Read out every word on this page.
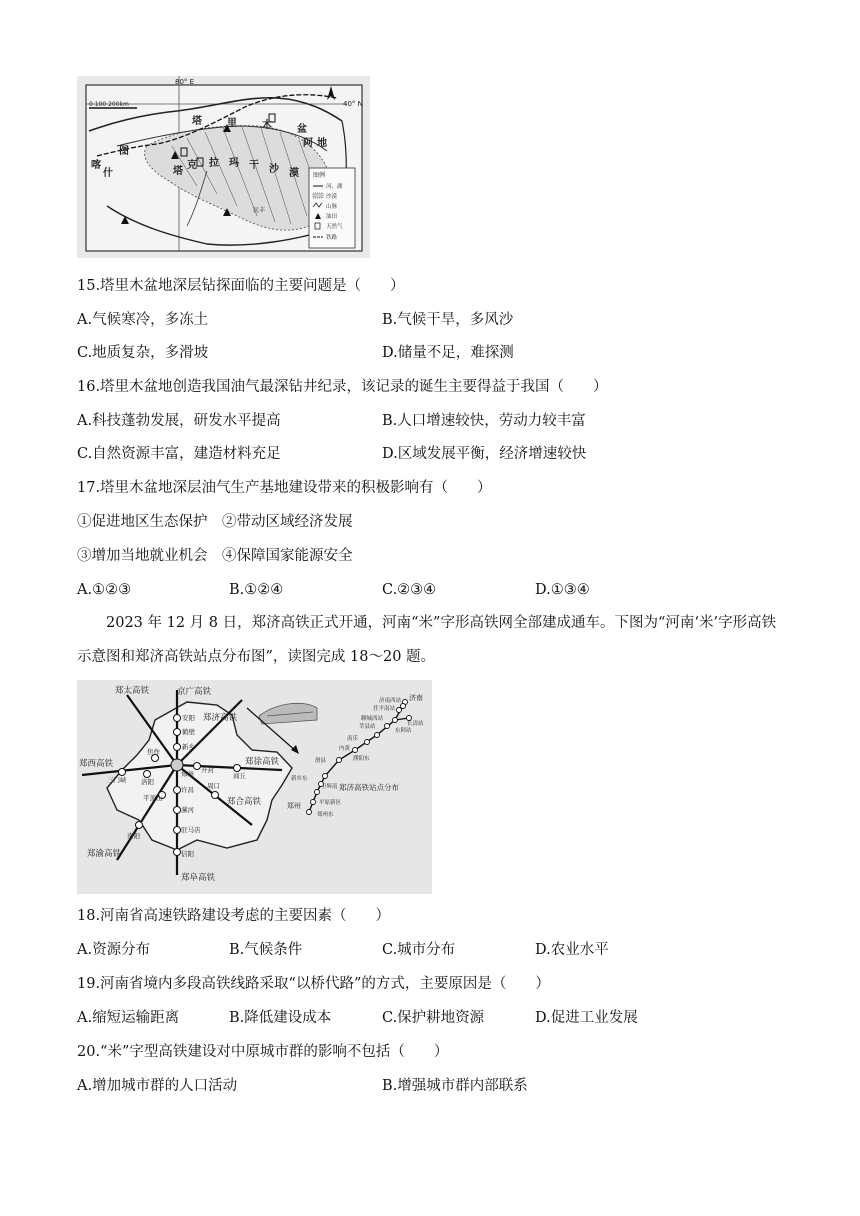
0 100 200km
80° E
40° N
塔	里	木	盆
地
塔
克 拉 玛 干 沙 漠
阿
图
喀
什
民丰
图例
河、湖
沙漠
山脉
油田
天然气
铁路
15.塔里木盆地深层钻探面临的主要问题是（　　）
A.气候寒冷，多冻土	B.气候干旱，多风沙
C.地质复杂，多滑坡	D.储量不足，难探测
16.塔里木盆地创造我国油气最深钻井纪录，该记录的诞生主要得益于我国（　　）
A.科技蓬勃发展，研发水平提高	B.人口增速较快，劳动力较丰富
C.自然资源丰富，建造材料充足	D.区域发展平衡，经济增速较快
17.塔里木盆地深层油气生产基地建设带来的积极影响有（　　）
①促进地区生态保护　②带动区域经济发展
③增加当地就业机会　④保障国家能源安全
A.①②③	B.①②④	C.②③④	D.①③④
2023 年 12 月 8 日，郑济高铁正式开通，河南“米”字形高铁网全部建成通车。下图为“河南‘米’字形高铁示意图和郑济高铁站点分布图”，读图完成 18～20 题。
郑太高铁	京广高铁
郑济高铁
郑西高铁	郑徐高铁
郑合高铁
郑渝高铁
郑阜高铁
安阳
鹤壁
新乡
焦作
郑州 开封
商丘
三门峡 洛阳
许昌
平顶山
漯河
周口
驻马店
信阳
南阳
济南
济南西站
茌平南站
聊城西站
莘县站
东阿站
长清站
南乐
濮阳东
滑县
内黄
新乡东
卫辉南
平原新区
郑州东
郑州
郑济高铁站点分布
18.河南省高速铁路建设考虑的主要因素（　　）
A.资源分布	B.气候条件	C.城市分布	D.农业水平
19.河南省境内多段高铁线路采取“以桥代路”的方式，主要原因是（　　）
A.缩短运输距离	B.降低建设成本	C.保护耕地资源	D.促进工业发展
20.“米”字型高铁建设对中原城市群的影响不包括（　　）
A.增加城市群的人口活动	B.增强城市群内部联系
